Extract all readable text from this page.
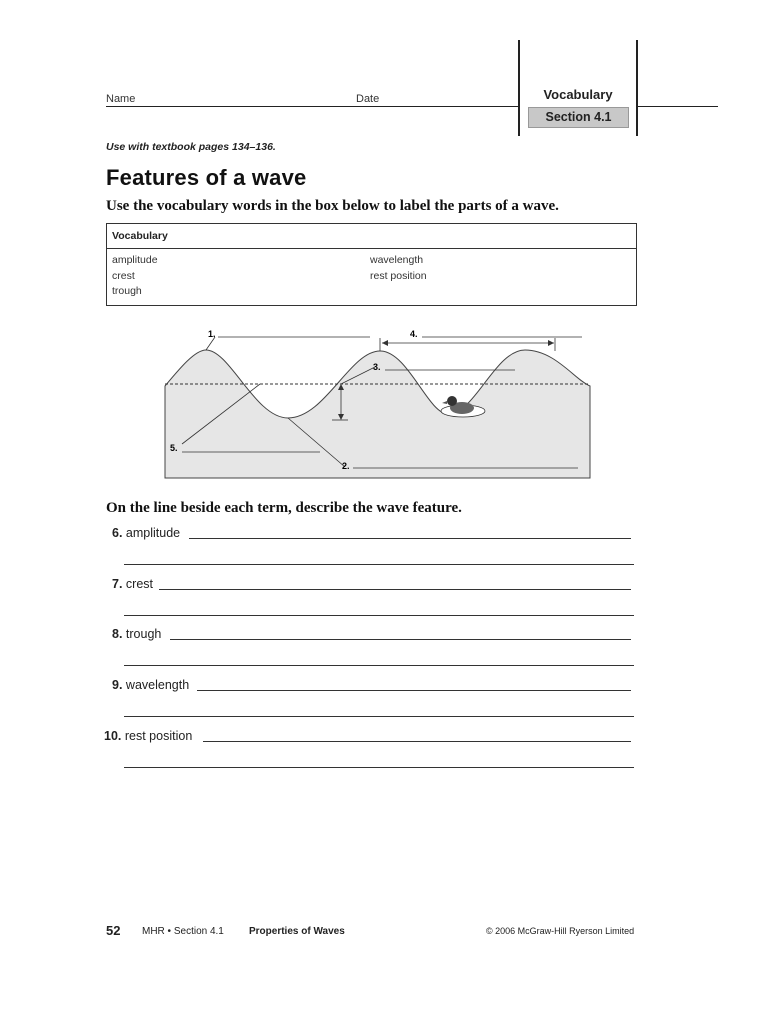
Name	Date	Vocabulary
Section 4.1
Use with textbook pages 134–136.
Features of a wave
Use the vocabulary words in the box below to label the parts of a wave.
Vocabulary
amplitude
crest
trough
wavelength
rest position
1.	4.
3.
5.
2.
On the line beside each term, describe the wave feature.
6. amplitude
7. crest
8. trough
9. wavelength
10. rest position
52 MHR • Section 4.1	Properties of Waves	© 2006 McGraw-Hill Ryerson Limited
